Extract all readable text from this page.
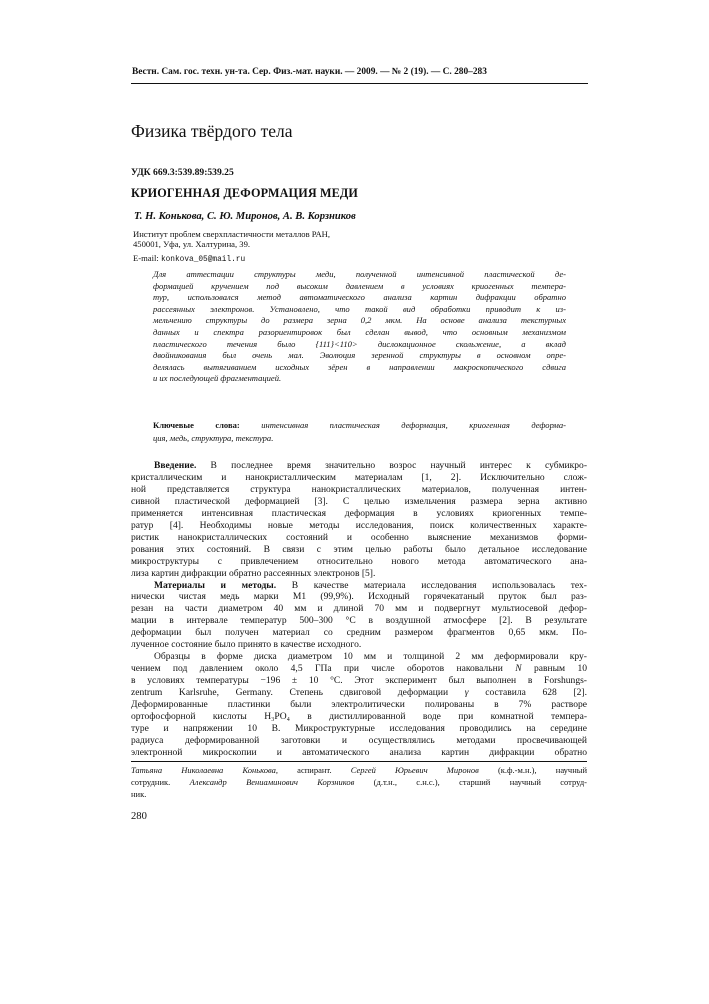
Вестн. Сам. гос. техн. ун-та. Сер. Физ.-мат. науки. — 2009. — № 2 (19). — С. 280–283
Физика твёрдого тела
УДК 669.3:539.89:539.25
КРИОГЕННАЯ ДЕФОРМАЦИЯ МЕДИ
Т. Н. Конькова, С. Ю. Миронов, А. В. Корзников
Институт проблем сверхпластичности металлов РАН,
450001, Уфа, ул. Халтурина, 39.
E-mail: konkova_05@mail.ru
Для аттестации структуры меди, полученной интенсивной пластической де-
формацией кручением под высоким давлением в условиях криогенных темпера-
тур, использовался метод автоматического анализа картин дифракции обратно
рассеянных электронов. Установлено, что такой вид обработки приводит к из-
мельчению структуры до размера зерна 0,2 мкм. На основе анализа текстурных
данных и спектра разориентировок был сделан вывод, что основным механизмом
пластического течения было {111}<110> дислокационное скольжение, а вклад
двойникования был очень мал. Эволюция зеренной структуры в основном опре-
делялась вытягиванием исходных зёрен в направлении макроскопического сдвига
и их последующей фрагментацией.
Ключевые слова:	интенсивная пластическая деформация, криогенная деформа-
ция, медь, структура, текстура.
Введение. В последнее время значительно возрос научный интерес к субмикро-
кристаллическим и нанокристаллическим материалам [1, 2]. Исключительно слож-
ной представляется структура нанокристаллических материалов, полученная интен-
сивной пластической деформацией [3]. С целью измельчения размера зерна активно
применяется интенсивная пластическая деформация в условиях криогенных темпе-
ратур [4]. Необходимы новые методы исследования, поиск количественных характе-
ристик нанокристаллических состояний и особенно выяснение механизмов форми-
рования этих состояний. В связи с этим целью работы было детальное исследование
микроструктуры с привлечением относительно нового метода автоматического ана-
лиза картин дифракции обратно рассеянных электронов [5].
Материалы и методы. В качестве материала исследования использовалась тех-
нически чистая медь марки М1 (99,9%). Исходный горячекатаный пруток был раз-
резан на части диаметром 40 мм и длиной 70 мм и подвергнут мультиосевой дефор-
мации в интервале температур 500–300 °C в воздушной атмосфере [2]. В результате
деформации был получен материал со средним размером фрагментов 0,65 мкм. По-
лученное состояние было принято в качестве исходного.
Образцы в форме диска диаметром 10 мм и толщиной 2 мм деформировали кру-
чением под давлением около 4,5 ГПа при числе оборотов наковальни N равным 10
в условиях температуры −196 ± 10 °C. Этот эксперимент был выполнен в Forshungs-
zentrum Karlsruhe, Germany. Степень сдвиговой деформации γ составила 628 [2].
Деформированные пластинки были электролитически полированы в 7% растворе
ортофосфорной кислоты H₃PO₄ в дистиллированной воде при комнатной темпера-
туре и напряжении 10 В. Микроструктурные исследования проводились на середине
радиуса деформированной заготовки и осуществлялись методами просвечивающей
электронной микроскопии и автоматического анализа картин дифракции обратно
Татьяна Николаевна Конькова, аспирант. Сергей Юрьевич Миронов (к.ф.-м.н.), научный
сотрудник. Александр Вениаминович Корзников (д.т.н., с.н.с.), старший научный сотруд-
ник.
280
